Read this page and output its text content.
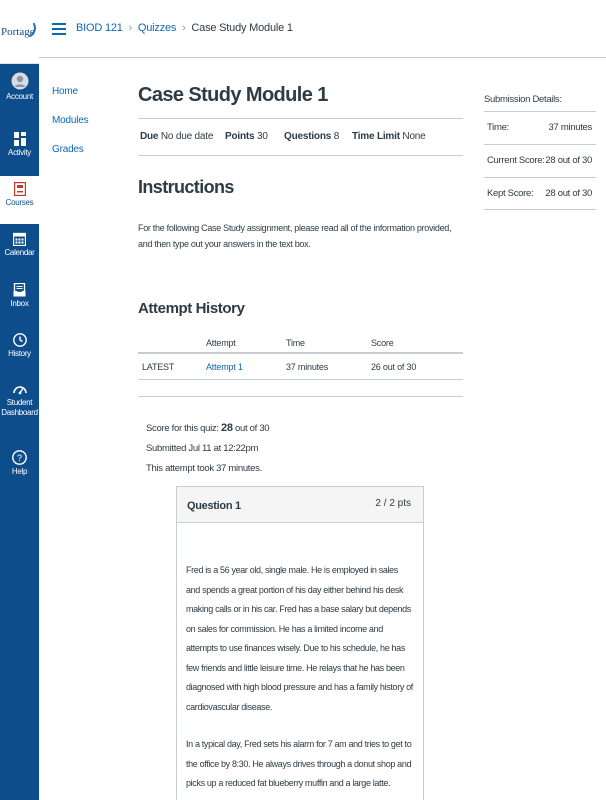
Portage
Account
Activity
Courses
Calendar
Inbox
History
Student Dashboard
?
Help
BIOD 121 › Quizzes › Case Study Module 1
Home
Modules
Grades
Case Study Module 1
Due No due date Points 30 Questions 8 Time Limit None
Instructions

For the following Case Study assignment, please read all of the information provided, and then type out your answers in the text box.

Attempt History
Attempt	Time	Score
LATEST	Attempt 1	37 minutes	26 out of 30
Score for this quiz: 28 out of 30
Submitted Jul 11 at 12:22pm
This attempt took 37 minutes.
Question 1	2 / 2 pts

Fred is a 56 year old, single male. He is employed in sales and spends a great portion of his day either behind his desk making calls or in his car. Fred has a base salary but depends on sales for commission. He has a limited income and attempts to use finances wisely. Due to his schedule, he has few friends and little leisure time. He relays that he has been diagnosed with high blood pressure and has a family history of cardiovascular disease.

In a typical day, Fred sets his alarm for 7 am and tries to get to the office by 8:30. He always drives through a donut shop and picks up a reduced fat blueberry muffin and a large latte.

Submission Details:
Time:	37 minutes
Current Score: 28 out of 30
Kept Score: 28 out of 30
